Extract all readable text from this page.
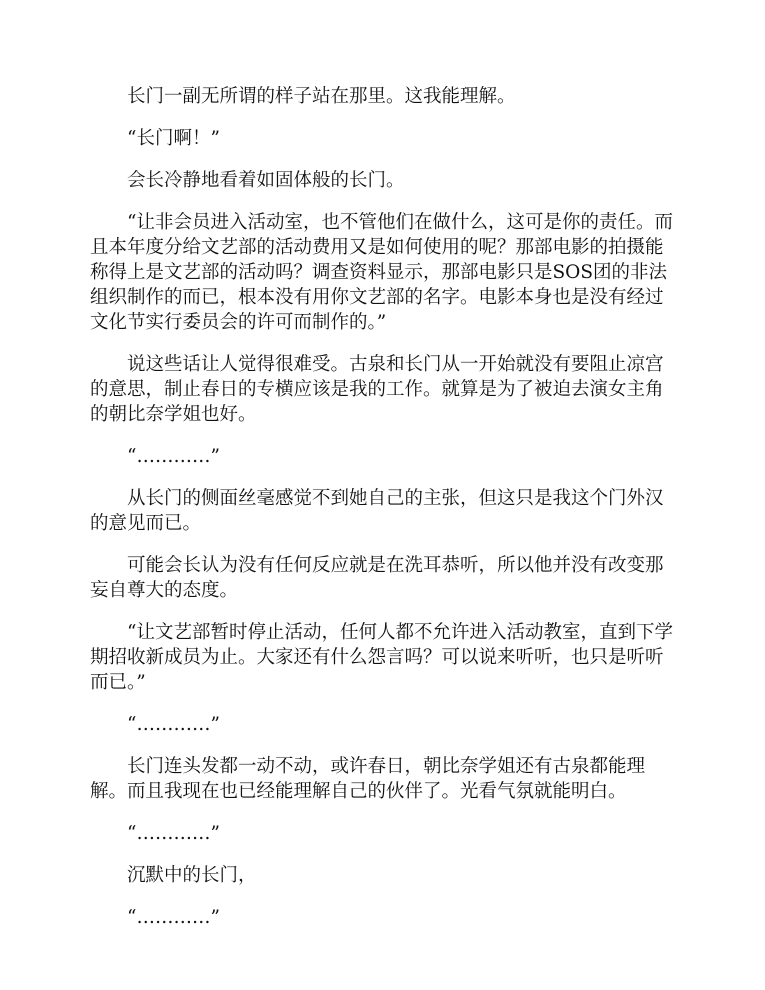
长门一副无所谓的样子站在那里。这我能理解。

“长门啊！”

会长冷静地看着如固体般的长门。

“让非会员进入活动室，也不管他们在做什么，这可是你的责任。而且本年度分给文艺部的活动费用又是如何使用的呢？那部电影的拍摄能称得上是文艺部的活动吗？调查资料显示，那部电影只是SOS团的非法组织制作的而已，根本没有用你文艺部的名字。电影本身也是没有经过文化节实行委员会的许可而制作的。”

说这些话让人觉得很难受。古泉和长门从一开始就没有要阻止凉宫的意思，制止春日的专横应该是我的工作。就算是为了被迫去演女主角的朝比奈学姐也好。

“…………”

从长门的侧面丝毫感觉不到她自己的主张，但这只是我这个门外汉的意见而已。

可能会长认为没有任何反应就是在洗耳恭听，所以他并没有改变那妄自尊大的态度。

“让文艺部暂时停止活动，任何人都不允许进入活动教室，直到下学期招收新成员为止。大家还有什么怨言吗？可以说来听听，也只是听听而已。”

“…………”

长门连头发都一动不动，或许春日，朝比奈学姐还有古泉都能理解。而且我现在也已经能理解自己的伙伴了。光看气氛就能明白。

“…………”

沉默中的长门，

“…………”
